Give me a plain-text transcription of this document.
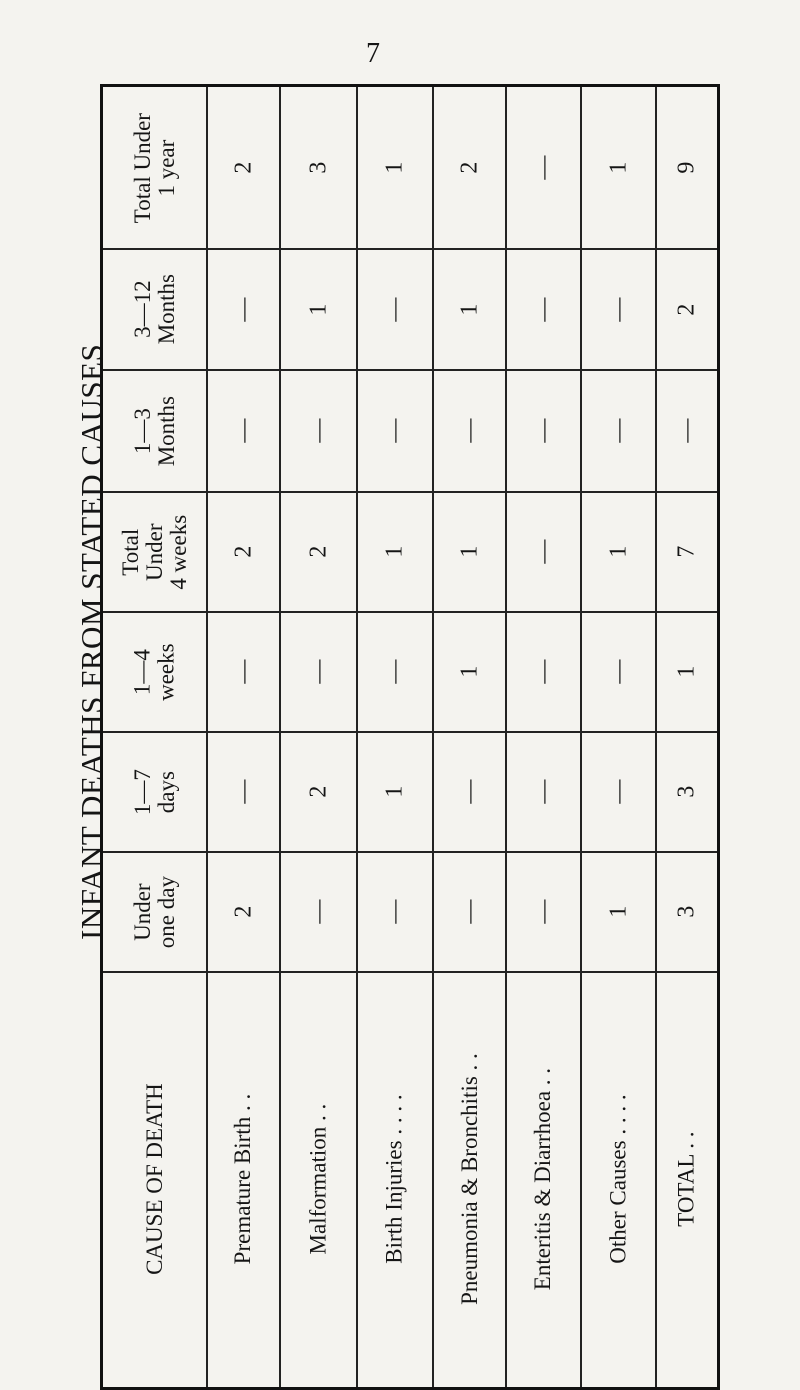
7
INFANT DEATHS FROM STATED CAUSES
CAUSE OF DEATH
Under
one day
1—7
days
1—4
weeks
Total
Under
4 weeks
1—3
Months
3—12
Months
Total Under
1 year
Premature Birth . .
2
—
—
2
—
—
2
Malformation . .
—
2
—
2
—
1
3
Birth Injuries . . . .
—
1
—
1
—
—
1
Pneumonia & Bronchitis . .
—
—
1
1
—
1
2
Enteritis & Diarrhoea . .
—
—
—
—
—
—
—
Other Causes . . . .
1
—
—
1
—
—
1
TOTAL . .
3
3
1
7
—
2
9
